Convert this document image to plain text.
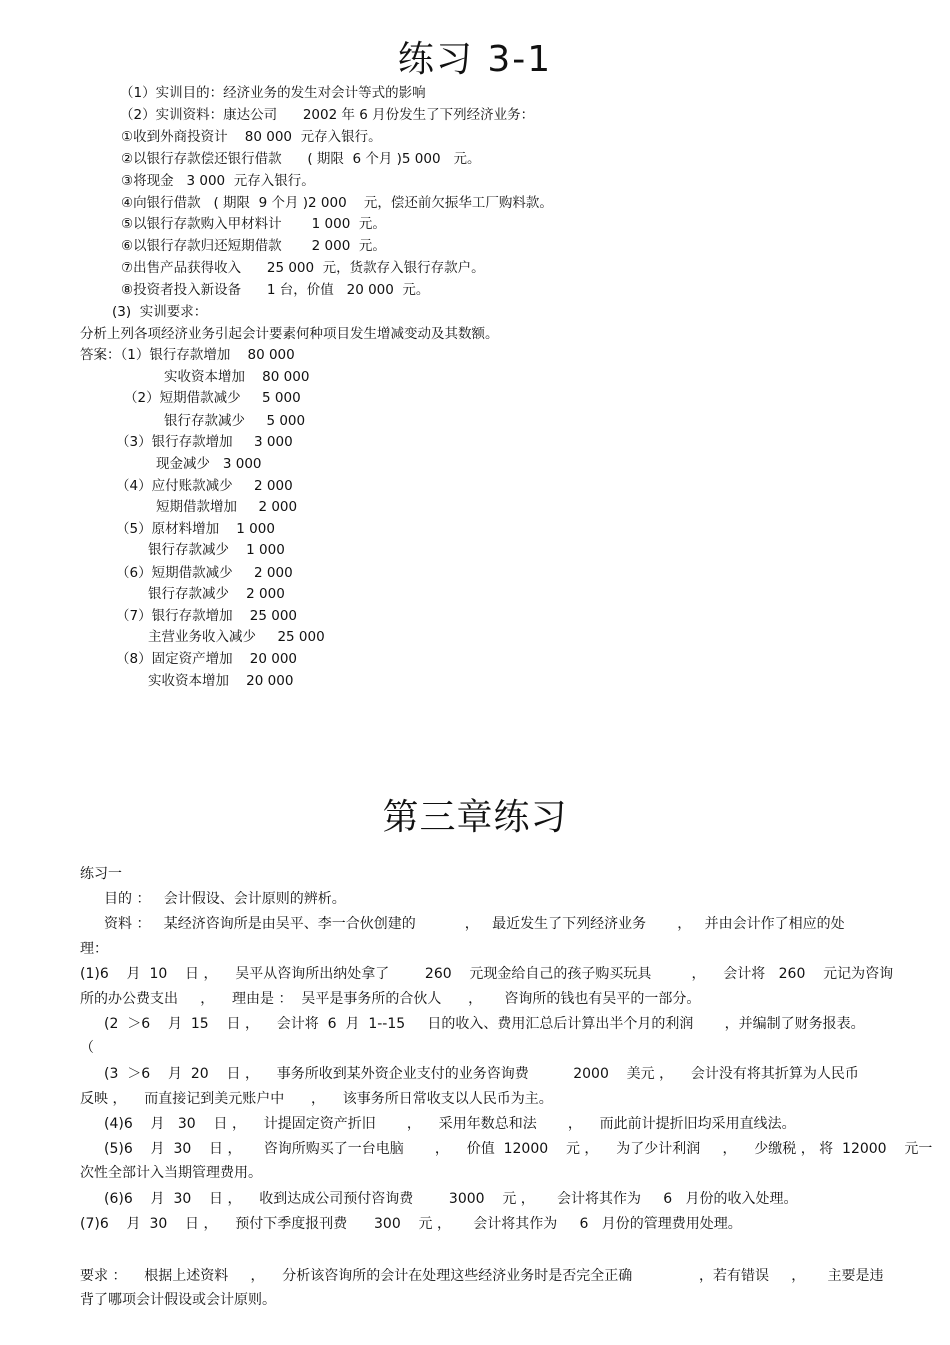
练习 3-1
（1）实训目的：经济业务的发生对会计等式的影响
（2）实训资料：康达公司      2002 年 6 月份发生了下列经济业务：
①收到外商投资计    80 000  元存入银行。
②以银行存款偿还银行借款      ( 期限  6 个月 )5 000   元。
③将现金   3 000  元存入银行。
④向银行借款   ( 期限  9 个月 )2 000    元，偿还前欠振华工厂购料款。
⑤以银行存款购入甲材料计       1 000  元。
⑥以银行存款归还短期借款       2 000  元。
⑦出售产品获得收入      25 000  元，货款存入银行存款户。
⑧投资者投入新设备      1 台，价值   20 000  元。
(3)  实训要求：
分析上列各项经济业务引起会计要素何种项目发生增减变动及其数额。
答案：（1）银行存款增加    80 000
实收资本增加    80 000
（2）短期借款减少     5 000
银行存款减少     5 000
（3）银行存款增加     3 000
现金减少   3 000
（4）应付账款减少     2 000
短期借款增加     2 000
（5）原材料增加    1 000
银行存款减少    1 000
（6）短期借款减少     2 000
银行存款减少    2 000
（7）银行存款增加    25 000
主营业务收入减少     25 000
（8）固定资产增加    20 000
实收资本增加    20 000
第三章练习
练习一
目的 ：   会计假设、会计原则的辨析。
资料 ：   某经济咨询所是由吴平、李一合伙创建的           ，   最近发生了下列经济业务       ，   并由会计作了相应的处
理：
(1)6    月  10    日 ，    吴平从咨询所出纳处拿了        260    元现金给自己的孩子购买玩具         ，    会计将   260    元记为咨询
所的办公费支出     ，    理由是 ：  吴平是事务所的合伙人      ，     咨询所的钱也有吴平的一部分。
(2  ＞6    月  15    日 ，    会计将  6  月  1--15     日的收入、费用汇总后计算出半个月的利润       ，并编制了财务报表。
（
(3  ＞6    月  20    日 ，    事务所收到某外资企业支付的业务咨询费          2000    美元 ，    会计没有将其折算为人民币
反映 ，    而直接记到美元账户中      ，    该事务所日常收支以人民币为主。
(4)6    月   30    日 ，    计提固定资产折旧       ，    采用年数总和法       ，    而此前计提折旧均采用直线法。
(5)6    月  30    日 ，     咨询所购买了一台电脑       ，    价值  12000    元 ，    为了少计利润     ，    少缴税 ， 将  12000    元一
次性全部计入当期管理费用。
(6)6    月  30    日 ，    收到达成公司预付咨询费        3000    元 ，     会计将其作为     6   月份的收入处理。
(7)6    月  30    日 ，    预付下季度报刊费      300    元 ，     会计将其作为     6   月份的管理费用处理。
要求 ：    根据上述资料     ，    分析该咨询所的会计在处理这些经济业务时是否完全正确               ，若有错误     ，     主要是违
背了哪项会计假设或会计原则。
